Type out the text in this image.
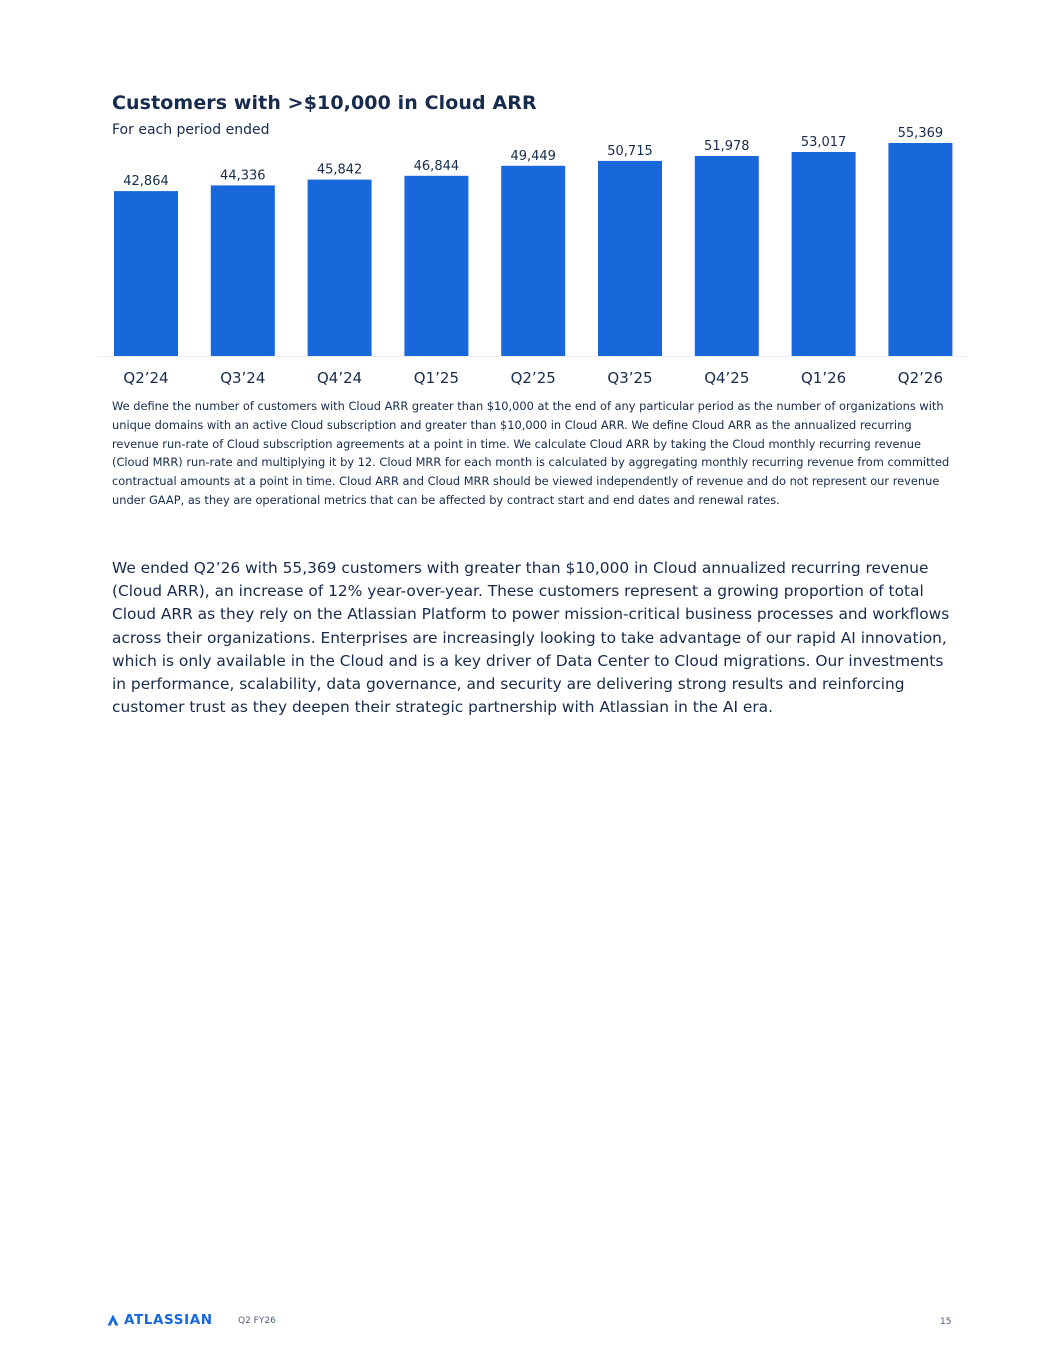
Customers with >$10,000 in Cloud ARR
For each period ended
42,864	44,336	45,842	46,844
49,449	50,715	51,978	53,017
55,369
Q2’24	Q3’24	Q4’24	Q1’25	Q2’25	Q3’25	Q4’25	Q1’26	Q2’26
We define the number of customers with Cloud ARR greater than $10,000 at the end of any particular period as the number of organizations with unique domains with an active Cloud subscription and greater than $10,000 in Cloud ARR. We define Cloud ARR as the annualized recurring revenue run-rate of Cloud subscription agreements at a point in time. We calculate Cloud ARR by taking the Cloud monthly recurring revenue (Cloud MRR) run-rate and multiplying it by 12. Cloud MRR for each month is calculated by aggregating monthly recurring revenue from committed contractual amounts at a point in time. Cloud ARR and Cloud MRR should be viewed independently of revenue and do not represent our revenue under GAAP, as they are operational metrics that can be affected by contract start and end dates and renewal rates.
We ended Q2’26 with 55,369 customers with greater than $10,000 in Cloud annualized recurring revenue (Cloud ARR), an increase of 12% year-over-year. These customers represent a growing proportion of total Cloud ARR as they rely on the Atlassian Platform to power mission-critical business processes and workflows across their organizations. Enterprises are increasingly looking to take advantage of our rapid AI innovation, which is only available in the Cloud and is a key driver of Data Center to Cloud migrations. Our investments in performance, scalability, data governance, and security are delivering strong results and reinforcing customer trust as they deepen their strategic partnership with Atlassian in the AI era.
ATLASSIAN	Q2 FY26	15
